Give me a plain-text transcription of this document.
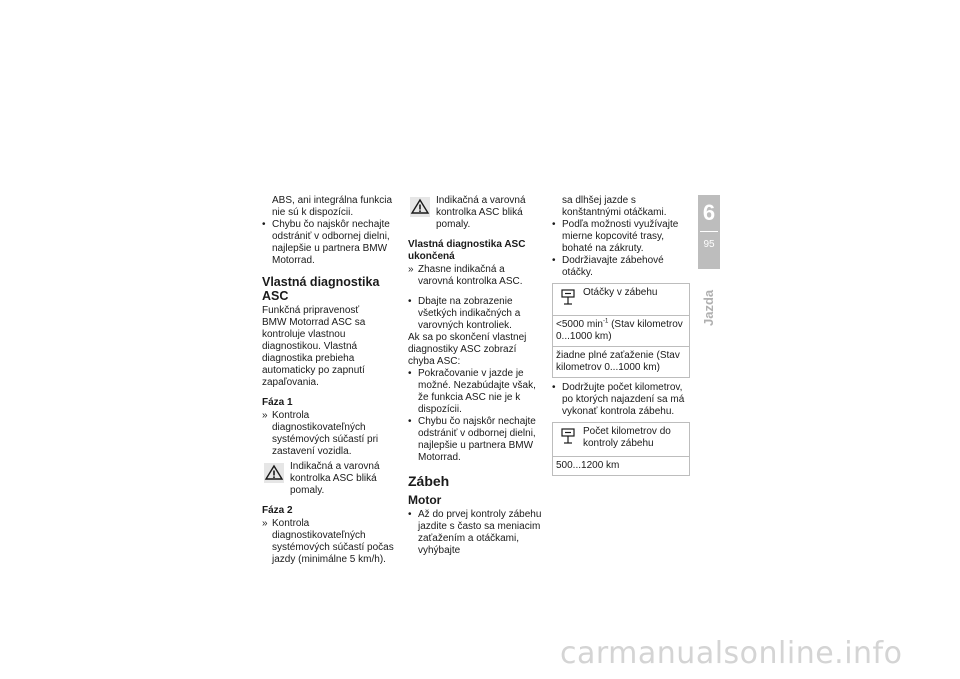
ABS, ani integrálna funkcia nie sú k dispozícii.

• Chybu čo najskôr nechajte odstrániť v odbornej dielni, najlepšie u partnera BMW Motorrad.
Vlastná diagnostika ASC

Funkčná pripravenosť

BMW Motorrad ASC sa kontroluje vlastnou diagnostikou. Vlastná diagnostika prebieha automaticky po zapnutí zapaľovania.

Fáza 1
» Kontrola diagnostikovateľných systémových súčastí pri zastavení vozidla.
Indikačná a varovná kontrolka ASC bliká pomaly.
Fáza 2
» Kontrola diagnostikovateľných systémových súčastí počas jazdy (minimálne 5 km/h).
Indikačná a varovná kontrolka ASC bliká pomaly.
Vlastná diagnostika ASC ukončená
» Zhasne indikačná a varovná kontrolka ASC.
• Dbajte na zobrazenie všetkých indikačných a varovných kontroliek.

Ak sa po skončení vlastnej diagnostiky ASC zobrazí chyba ASC:

• Pokračovanie v jazde je možné. Nezabúdajte však, že funkcia ASC nie je k dispozícii.
• Chybu čo najskôr nechajte odstrániť v odbornej dielni, najlepšie u partnera BMW Motorrad.
Zábeh
Motor
• Až do prvej kontroly zábehu jazdite s často sa meniacim zaťažením a otáčkami, vyhýbajte

sa dlhšej jazde s konštantnými otáčkami.

• Podľa možnosti využívajte mierne kopcovité trasy, bohaté na zákruty.
• Dodržiavajte zábehové otáčky.
Otáčky v zábehu
<5000 $\min^{-1}$ (Stav kilometrov 0...1000 km)
žiadne plné zaťaženie (Stav kilometrov 0...1000 km)
• Dodržujte počet kilometrov, po ktorých najazdení sa má vykonať kontrola zábehu.
Počet kilometrov do kontroly zábehu
500...1200 km
6
95
Jazda
carmanualsonline.info
